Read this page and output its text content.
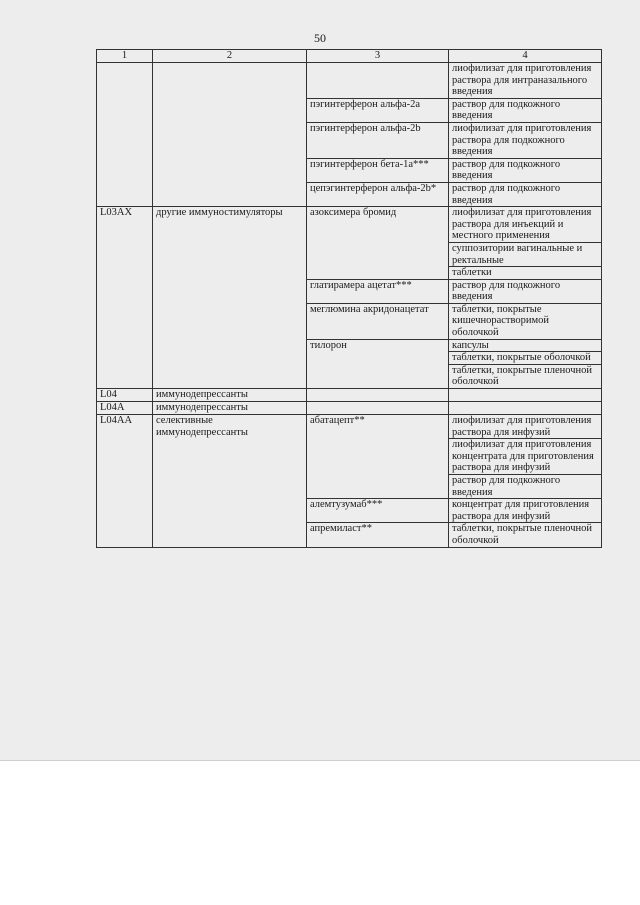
50
1	2	3	4
			лиофилизат для приготовления раствора для интраназального введения
		пэгинтерферон альфа-2a	раствор для подкожного введения
		пэгинтерферон альфа-2b	лиофилизат для приготовления раствора для подкожного введения
		пэгинтерферон бета-1a***	раствор для подкожного введения
		цепэгинтерферон альфа-2b*	раствор для подкожного введения
L03AX	другие иммуностимуляторы	азоксимера бромид	лиофилизат для приготовления раствора для инъекций и местного применения
			суппозитории вагинальные и ректальные
			таблетки
		глатирамера ацетат***	раствор для подкожного введения
		меглюмина акридонацетат	таблетки, покрытые кишечнорастворимой оболочкой
		тилорон	капсулы
			таблетки, покрытые оболочкой
			таблетки, покрытые пленочной оболочкой
L04	иммунодепрессанты		
L04A	иммунодепрессанты		
L04AA	селективные иммунодепрессанты	абатацепт**	лиофилизат для приготовления раствора для инфузий
			лиофилизат для приготовления концентрата для приготовления раствора для инфузий
			раствор для подкожного введения
		алемтузумаб***	концентрат для приготовления раствора для инфузий
		апремиласт**	таблетки, покрытые пленочной оболочкой
